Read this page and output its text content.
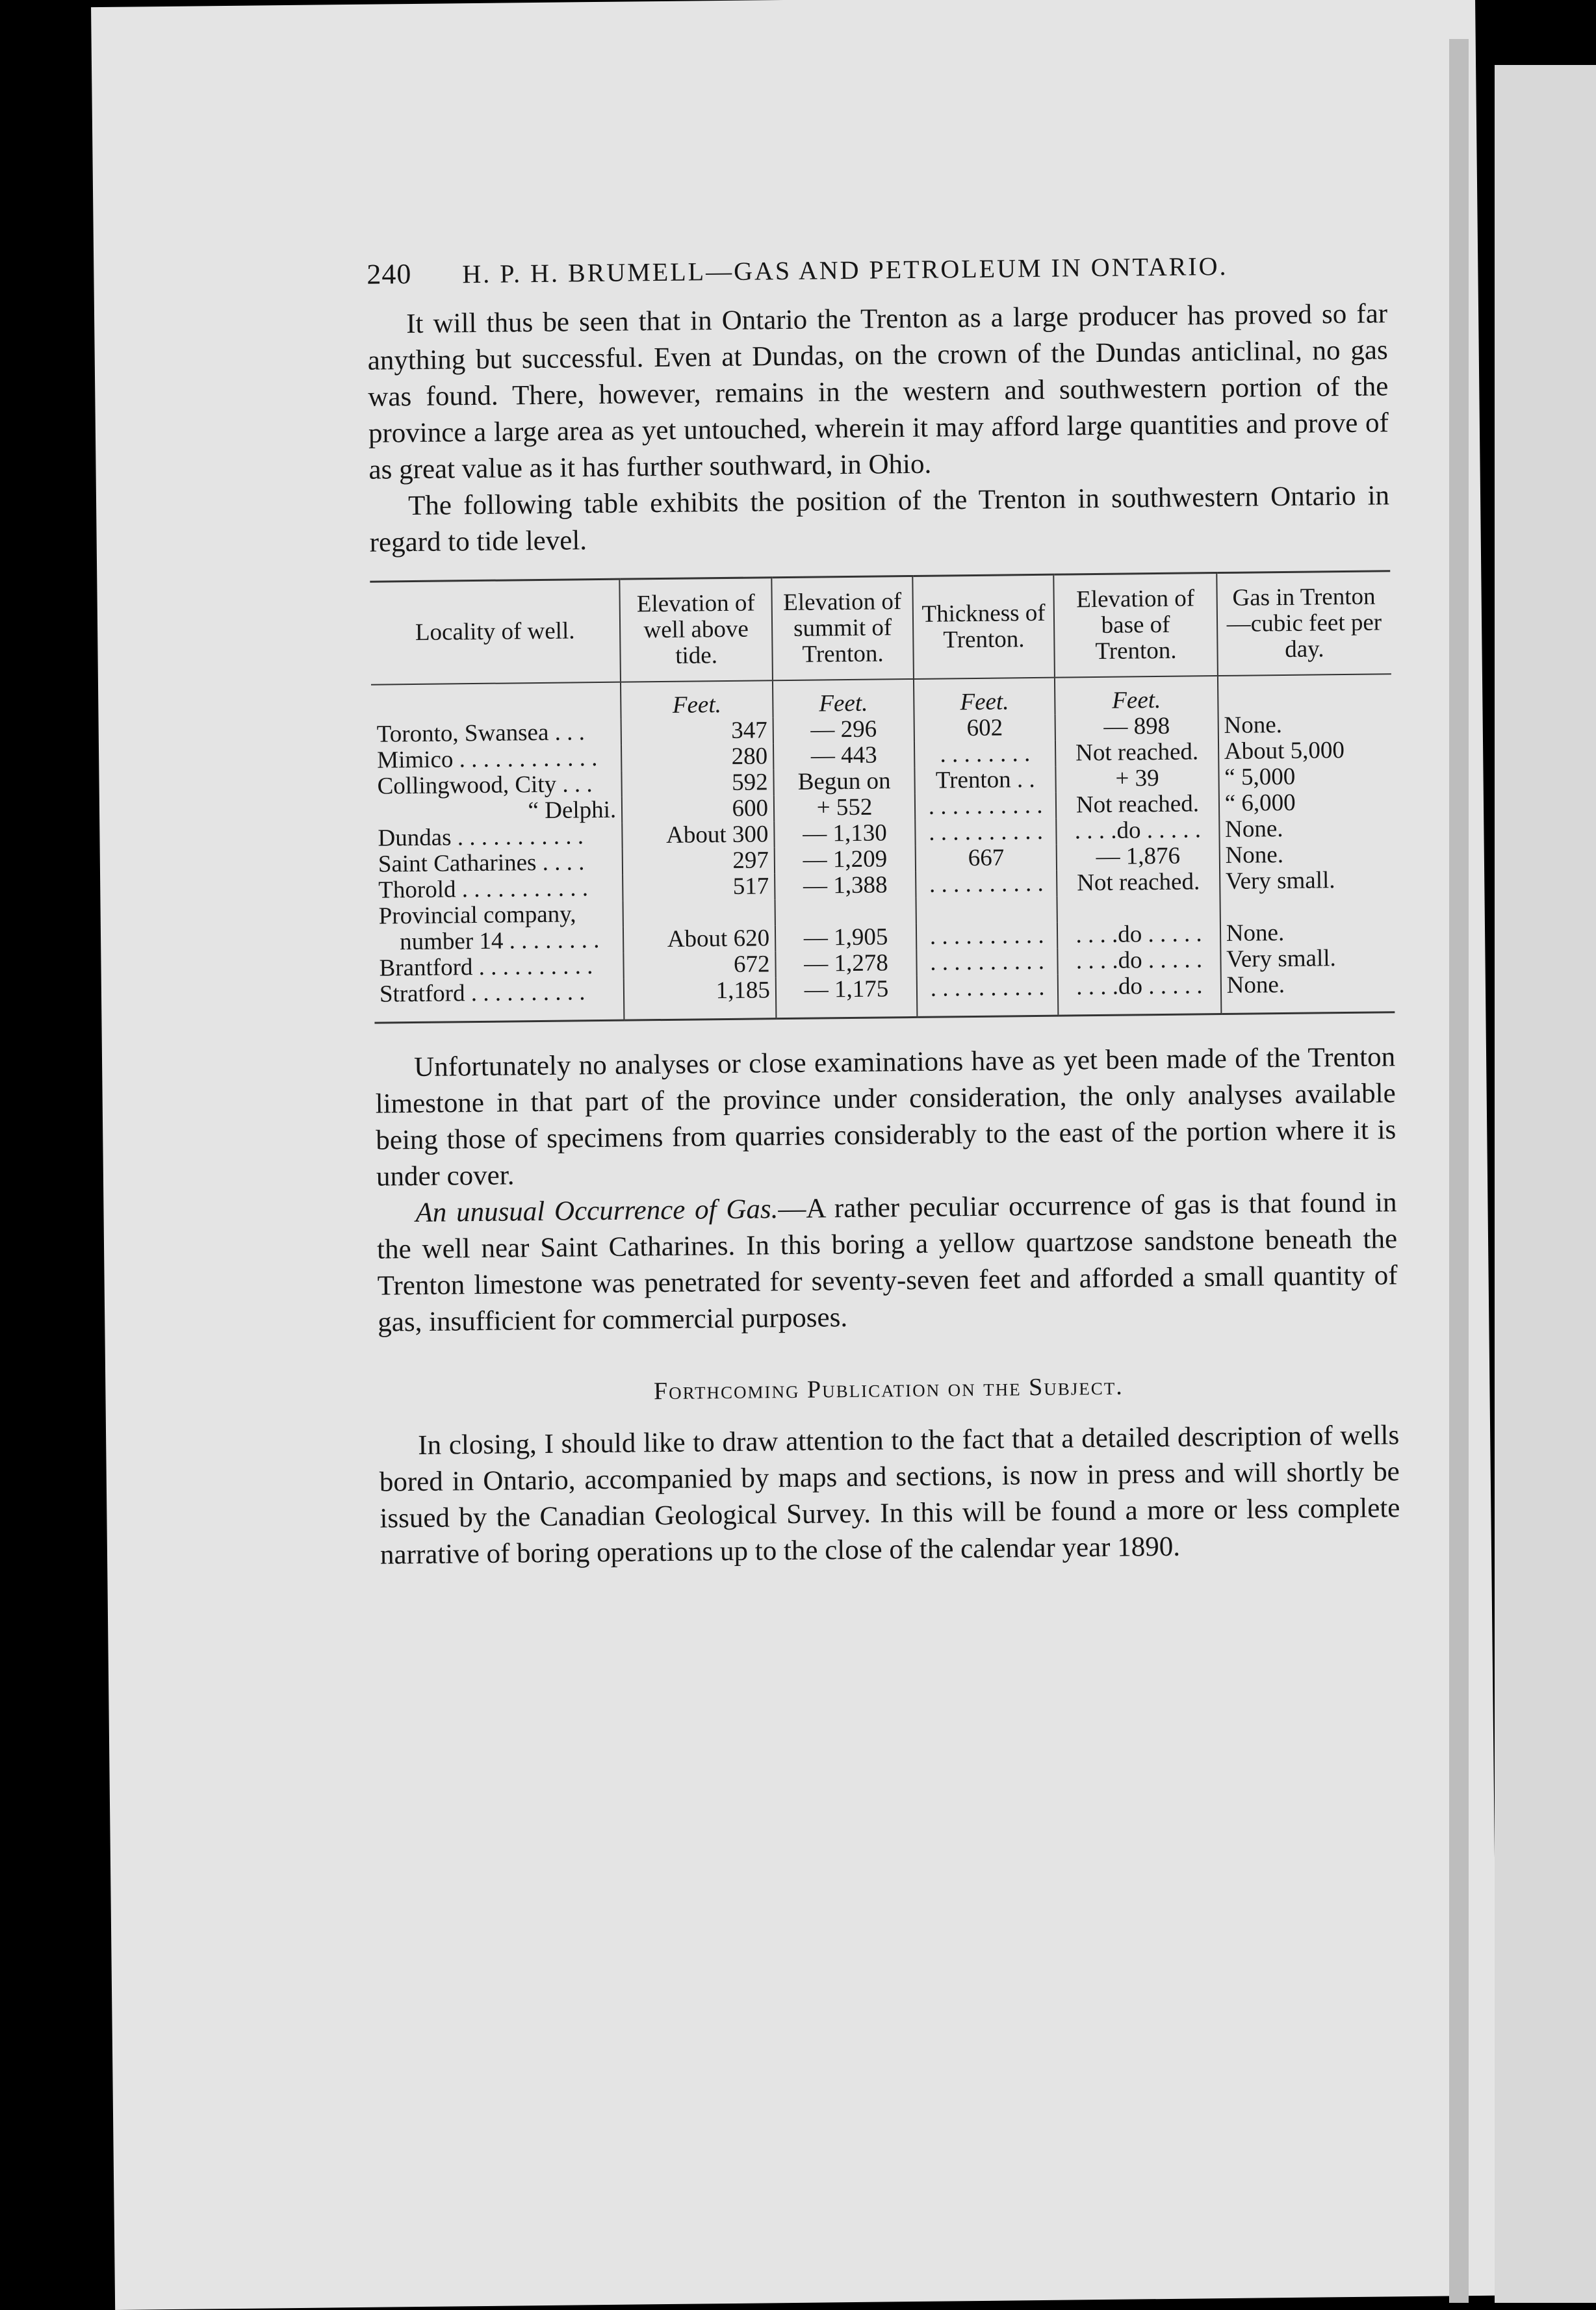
240 H. P. H. BRUMELL—GAS AND PETROLEUM IN ONTARIO.

It will thus be seen that in Ontario the Trenton as a large producer has proved so far anything but successful. Even at Dundas, on the crown of the Dundas anticlinal, no gas was found. There, however, remains in the western and southwestern portion of the province a large area as yet untouched, wherein it may afford large quantities and prove of as great value as it has further southward, in Ohio.

The following table exhibits the position of the Trenton in southwestern Ontario in regard to tide level.

Locality of well.	Elevation of well above tide.	Elevation of summit of Trenton.	Thickness of Trenton.	Elevation of base of Trenton.	Gas in Trenton—cubic feet per day.
	Feet.	Feet.	Feet.	Feet.	
Toronto, Swansea . . .	347	— 296	602	— 898	None.
Mimico . . . . . . . . . . . .	280	— 443	. . . . . . . .	Not reached.	About 5,000
Collingwood, City . . .	592	Begun on	Trenton . .	+ 39	“ 5,000
“ Delphi.	600	+ 552	. . . . . . . . . .	Not reached.	“ 6,000
Dundas . . . . . . . . . . .	About 300	— 1,130	. . . . . . . . . .	. . . .do . . . . .	None.
Saint Catharines . . . .	297	— 1,209	667	— 1,876	None.
Thorold . . . . . . . . . . .	517	— 1,388	. . . . . . . . . .	Not reached.	Very small.
Provincial company,					
number 14 . . . . . . . .	About 620	— 1,905	. . . . . . . . . .	. . . .do . . . . .	None.
Brantford . . . . . . . . . .	672	— 1,278	. . . . . . . . . .	. . . .do . . . . .	Very small.
Stratford . . . . . . . . . .	1,185	— 1,175	. . . . . . . . . .	. . . .do . . . . .	None.

Unfortunately no analyses or close examinations have as yet been made of the Trenton limestone in that part of the province under consideration, the only analyses available being those of specimens from quarries considerably to the east of the portion where it is under cover.

An unusual Occurrence of Gas.—A rather peculiar occurrence of gas is that found in the well near Saint Catharines. In this boring a yellow quartzose sandstone beneath the Trenton limestone was penetrated for seventy-seven feet and afforded a small quantity of gas, insufficient for commercial purposes.

Forthcoming Publication on the Subject.

In closing, I should like to draw attention to the fact that a detailed description of wells bored in Ontario, accompanied by maps and sections, is now in press and will shortly be issued by the Canadian Geological Survey. In this will be found a more or less complete narrative of boring operations up to the close of the calendar year 1890.
